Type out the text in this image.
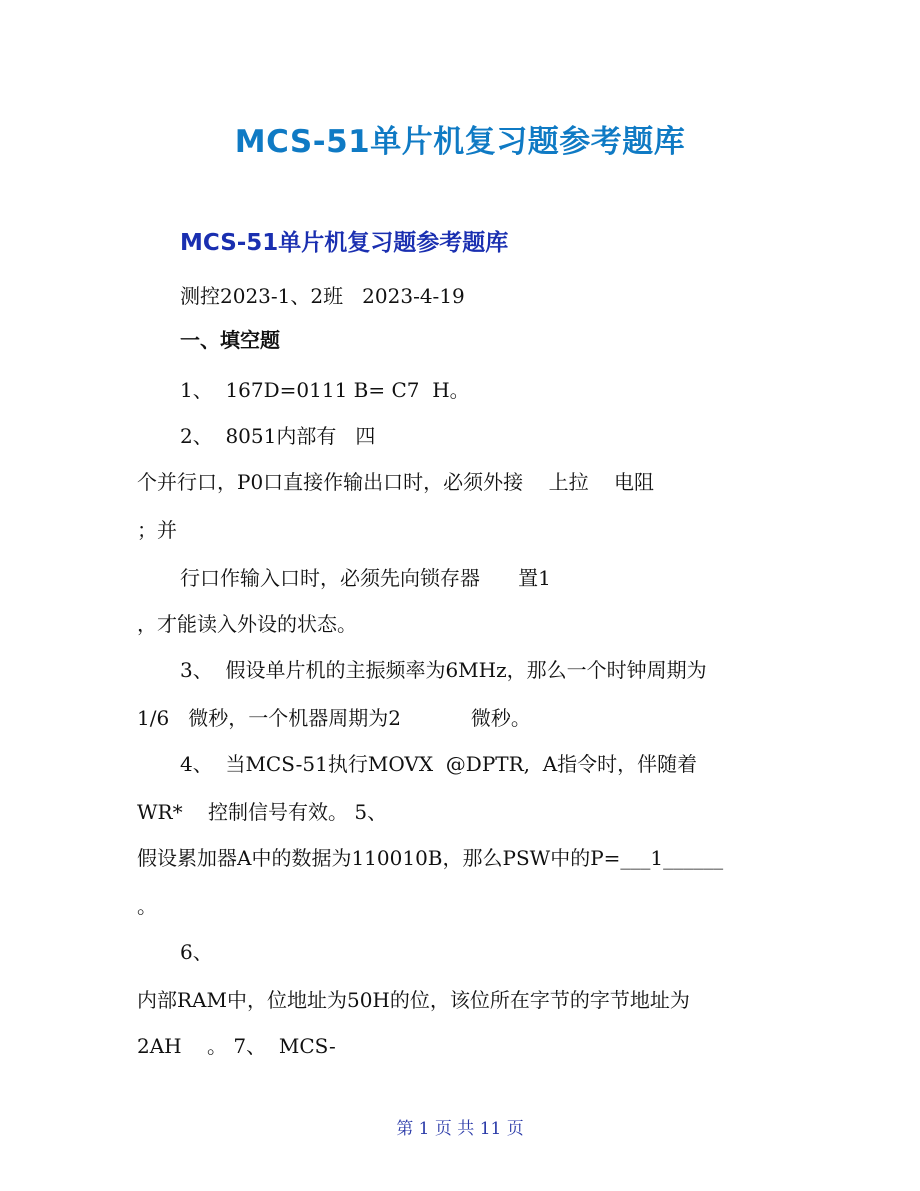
MCS-51单片机复习题参考题库
MCS-51单片机复习题参考题库
测控2023-1、2班   2023-4-19
一、填空题
1、  167D=0111 B= C7  H。
2、  8051内部有   四
个并行口，P0口直接作输出口时，必须外接    上拉    电阻
；并
行口作输入口时，必须先向锁存器      置1
，才能读入外设的状态。
3、  假设单片机的主振频率为6MHz，那么一个时钟周期为
1/6   微秒，一个机器周期为2           微秒。
4、  当MCS-51执行MOVX  @DPTR,  A指令时，伴随着
WR*    控制信号有效。 5、
假设累加器A中的数据为110010B，那么PSW中的P=___1______
。
6、
内部RAM中，位地址为50H的位，该位所在字节的字节地址为
2AH    。 7、  MCS-
第 1 页 共 11 页
